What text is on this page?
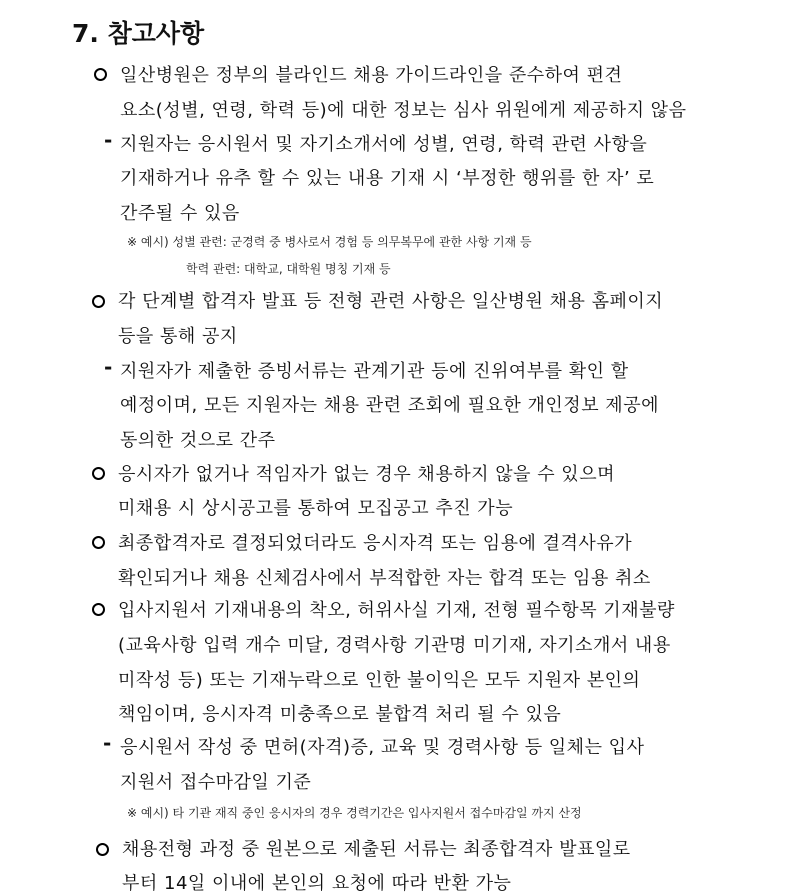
7. 참고사항
일산병원은 정부의 블라인드 채용 가이드라인을 준수하여 편견
요소(성별, 연령, 학력 등)에 대한 정보는 심사 위원에게 제공하지 않음
- 지원자는 응시원서 및 자기소개서에 성별, 연령, 학력 관련 사항을
기재하거나 유추 할 수 있는 내용 기재 시 ‘부정한 행위를 한 자’ 로
간주될 수 있음
※ 예시) 성별 관련: 군경력 중 병사로서 경험 등 의무복무에 관한 사항 기재 등
학력 관련: 대학교, 대학원 명칭 기재 등
각 단계별 합격자 발표 등 전형 관련 사항은 일산병원 채용 홈페이지
등을 통해 공지
- 지원자가 제출한 증빙서류는 관계기관 등에 진위여부를 확인 할
예정이며, 모든 지원자는 채용 관련 조회에 필요한 개인정보 제공에
동의한 것으로 간주
응시자가 없거나 적임자가 없는 경우 채용하지 않을 수 있으며
미채용 시 상시공고를 통하여 모집공고 추진 가능
최종합격자로 결정되었더라도 응시자격 또는 임용에 결격사유가
확인되거나 채용 신체검사에서 부적합한 자는 합격 또는 임용 취소
입사지원서 기재내용의 착오, 허위사실 기재, 전형 필수항목 기재불량
(교육사항 입력 개수 미달, 경력사항 기관명 미기재, 자기소개서 내용
미작성 등) 또는 기재누락으로 인한 불이익은 모두 지원자 본인의
책임이며, 응시자격 미충족으로 불합격 처리 될 수 있음
- 응시원서 작성 중 면허(자격)증, 교육 및 경력사항 등 일체는 입사
지원서 접수마감일 기준
※ 예시) 타 기관 재직 중인 응시자의 경우 경력기간은 입사지원서 접수마감일 까지 산정
채용전형 과정 중 원본으로 제출된 서류는 최종합격자 발표일로
부터 14일 이내에 본인의 요청에 따라 반환 가능
